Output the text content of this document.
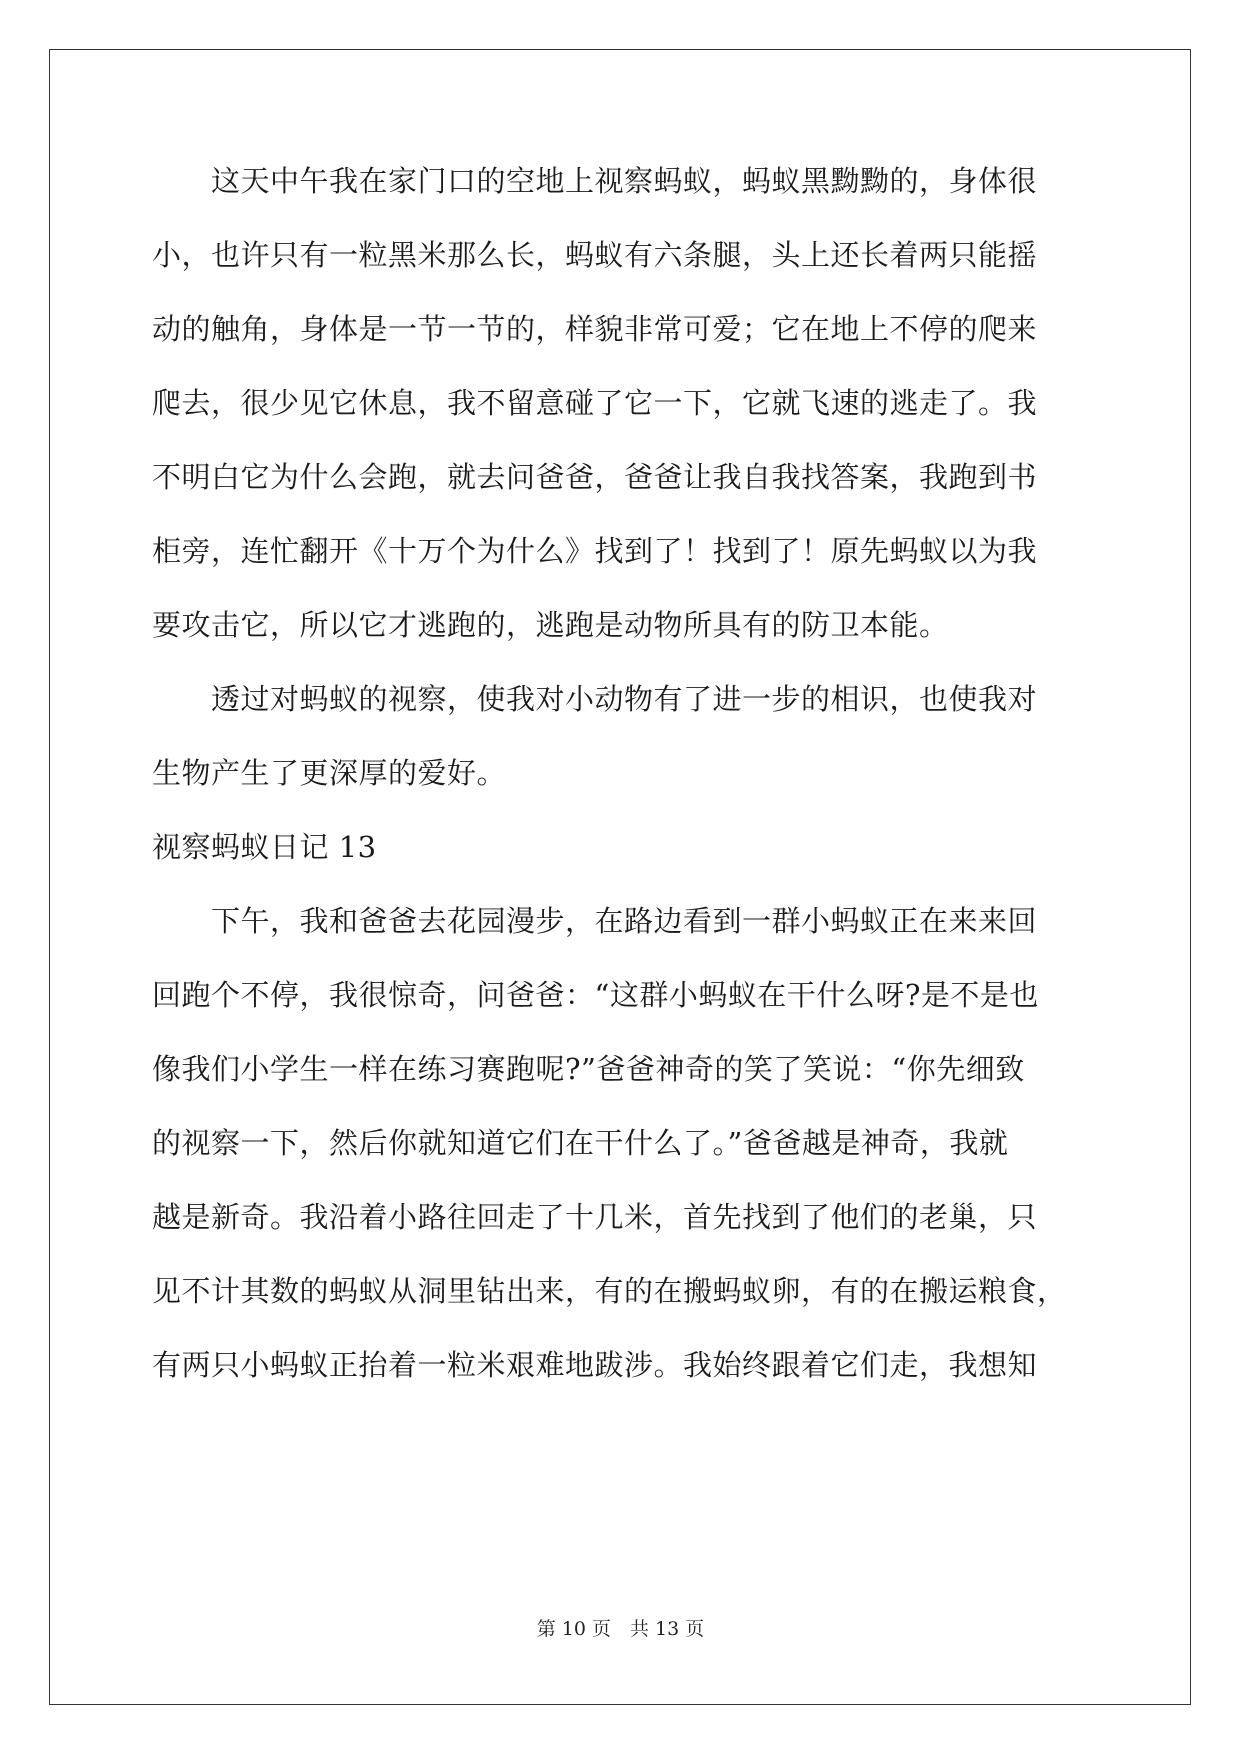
　　这天中午我在家门口的空地上视察蚂蚁，蚂蚁黑黝黝的，身体很
小，也许只有一粒黑米那么长，蚂蚁有六条腿，头上还长着两只能摇
动的触角，身体是一节一节的，样貌非常可爱；它在地上不停的爬来
爬去，很少见它休息，我不留意碰了它一下，它就飞速的逃走了。我
不明白它为什么会跑，就去问爸爸，爸爸让我自我找答案，我跑到书
柜旁，连忙翻开《十万个为什么》找到了！找到了！原先蚂蚁以为我
要攻击它，所以它才逃跑的，逃跑是动物所具有的防卫本能。
　　透过对蚂蚁的视察，使我对小动物有了进一步的相识，也使我对
生物产生了更深厚的爱好。
视察蚂蚁日记 13
　　下午，我和爸爸去花园漫步，在路边看到一群小蚂蚁正在来来回
回跑个不停，我很惊奇，问爸爸：“这群小蚂蚁在干什么呀?是不是也
像我们小学生一样在练习赛跑呢?”爸爸神奇的笑了笑说：“你先细致
的视察一下，然后你就知道它们在干什么了。”爸爸越是神奇，我就
越是新奇。我沿着小路往回走了十几米，首先找到了他们的老巢，只
见不计其数的蚂蚁从洞里钻出来，有的在搬蚂蚁卵，有的在搬运粮食，
有两只小蚂蚁正抬着一粒米艰难地跋涉。我始终跟着它们走，我想知
第 10 页　共 13 页
